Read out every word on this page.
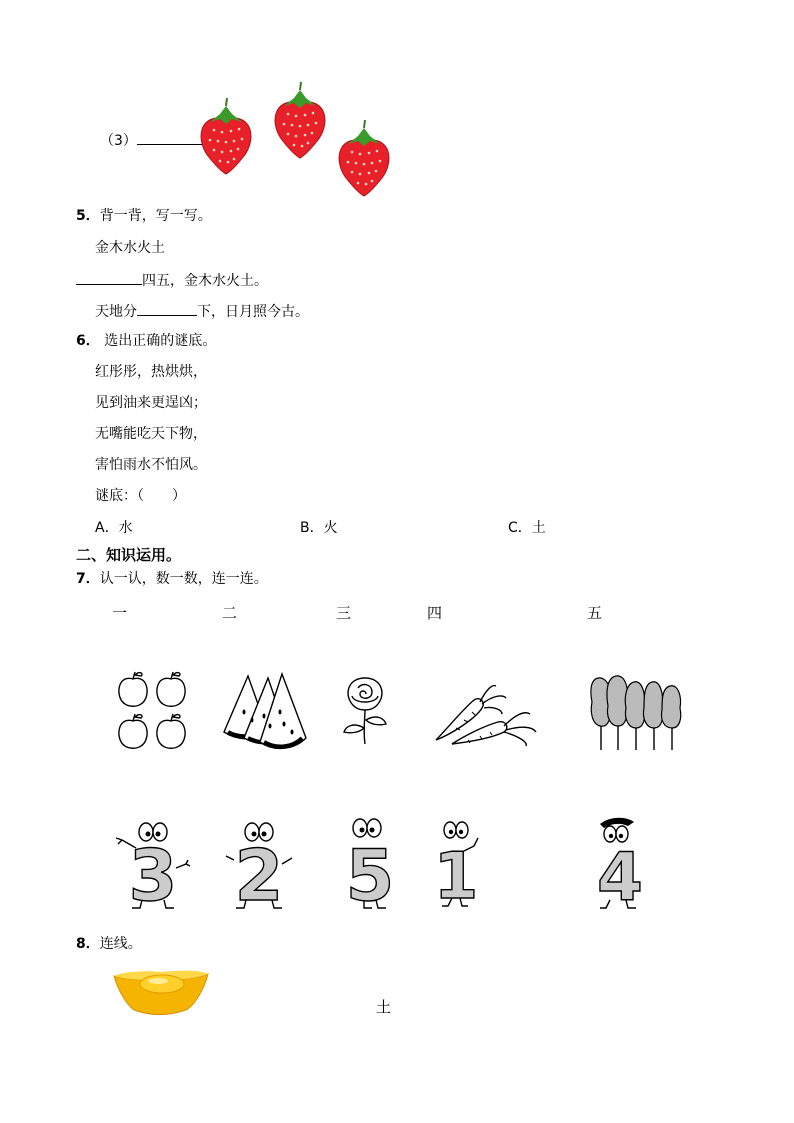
（3）
5．背一背，写一写。
金木水火土
四五，金木水火土。
天地分	下，日月照今古。
6． 选出正确的谜底。
红彤彤，热烘烘，
见到油来更逞凶；
无嘴能吃天下物，
害怕雨水不怕风。
谜底：（　　）
A．水	B．火	C．土
二、知识运用。
7．认一认，数一数，连一连。
一	二	三	四	五
3 2 5 1 4
8．连线。
土
